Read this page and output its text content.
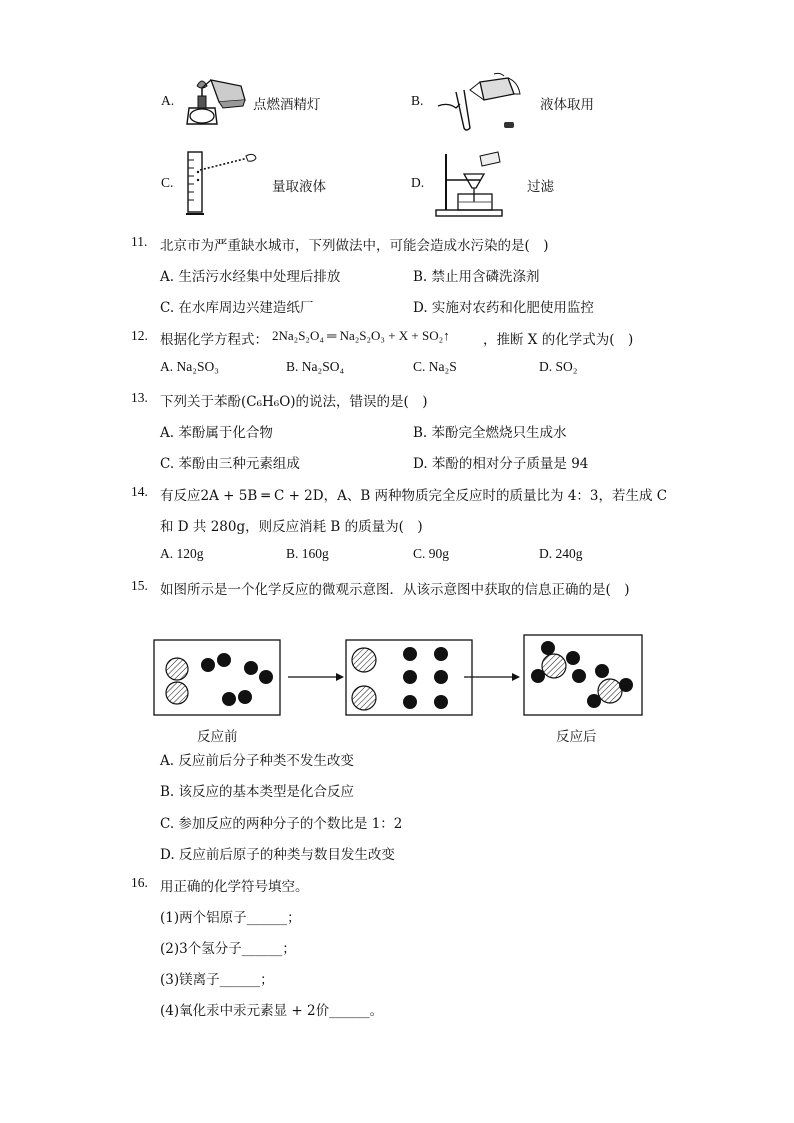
A.	点燃酒精灯	B.	液体取用
C.	量取液体	D.	过滤
11. 北京市为严重缺水城市，下列做法中，可能会造成水污染的是(　)
A. 生活污水经集中处理后排放	B. 禁止用含磷洗涤剂
C. 在水库周边兴建造纸厂	D. 实施对农药和化肥使用监控
12. 根据化学方程式： 2Na₂S₂O₄ ═ Na₂S₂O₃ + X + SO₂↑ ，推断 X 的化学式为(　)
A. Na₂SO₃	B. Na₂SO₄	C. Na₂S	D. SO₂
13. 下列关于苯酚(C₆H₆O)的说法，错误的是(　)
A. 苯酚属于化合物	B. 苯酚完全燃烧只生成水
C. 苯酚由三种元素组成	D. 苯酚的相对分子质量是 94
14. 有反应2A + 5B ═ C + 2D，A、B 两种物质完全反应时的质量比为 4：3，若生成 C
和 D 共 280g，则反应消耗 B 的质量为(　)
A. 120g	B. 160g	C. 90g	D. 240g
15. 如图所示是一个化学反应的微观示意图．从该示意图中获取的信息正确的是(　)
反应前	反应后
A. 反应前后分子种类不发生改变
B. 该反应的基本类型是化合反应
C. 参加反应的两种分子的个数比是 1：2
D. 反应前后原子的种类与数目发生改变
16. 用正确的化学符号填空。
(1)两个铝原子______；
(2)3个氢分子______；
(3)镁离子______；
(4)氧化汞中汞元素显 + 2价______。
